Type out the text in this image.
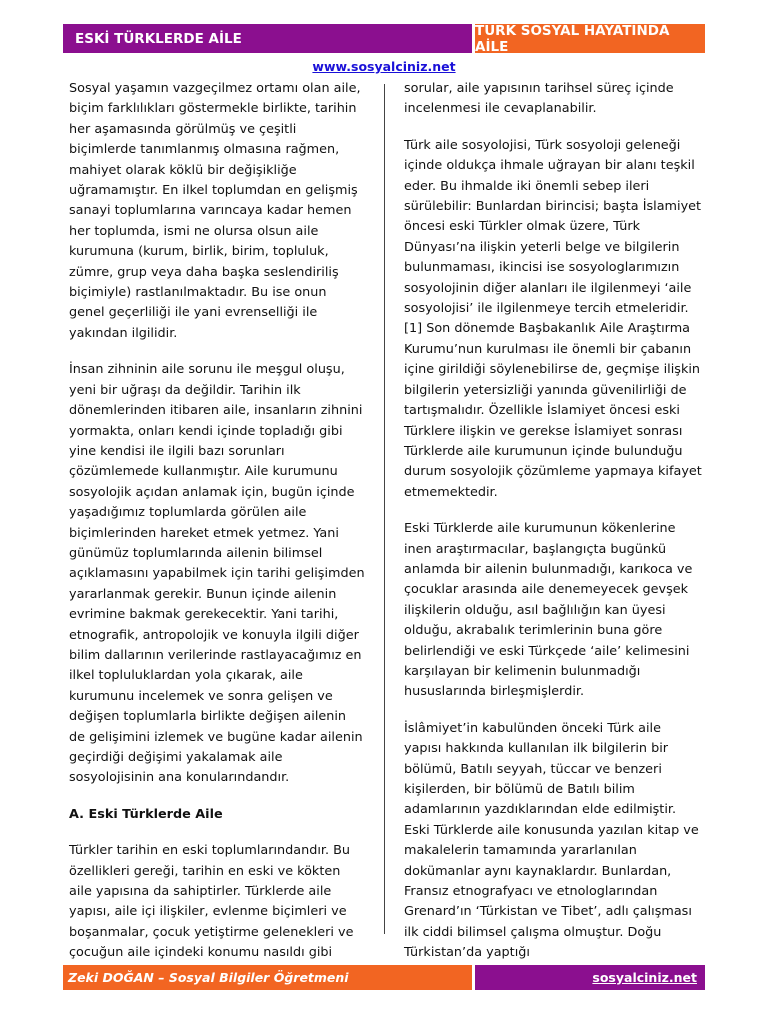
ESKİ TÜRKLERDE AİLE	TÜRK SOSYAL HAYATINDA AİLE
www.sosyalciniz.net

Sosyal yaşamın vazgeçilmez ortamı olan aile, biçim farklılıkları göstermekle birlikte, tarihin her aşamasında görülmüş ve çeşitli biçimlerde tanımlanmış olmasına rağmen, mahiyet olarak köklü bir değişikliğe uğramamıştır. En ilkel toplumdan en gelişmiş sanayi toplumlarına varıncaya kadar hemen her toplumda, ismi ne olursa olsun aile kurumuna (kurum, birlik, birim, topluluk, zümre, grup veya daha başka seslendiriliş biçimiyle) rastlanılmaktadır. Bu ise onun genel geçerliliği ile yani evrenselliği ile yakından ilgilidir.

İnsan zihninin aile sorunu ile meşgul oluşu, yeni bir uğraşı da değildir. Tarihin ilk dönemlerinden itibaren aile, insanların zihnini yormakta, onları kendi içinde topladığı gibi yine kendisi ile ilgili bazı sorunları çözümlemede kullanmıştır. Aile kurumunu sosyolojik açıdan anlamak için, bugün içinde yaşadığımız toplumlarda görülen aile biçimlerinden hareket etmek yetmez. Yani günümüz toplumlarında ailenin bilimsel açıklamasını yapabilmek için tarihi gelişimden yararlanmak gerekir. Bunun içinde ailenin evrimine bakmak gerekecektir. Yani tarihi, etnografik, antropolojik ve konuyla ilgili diğer bilim dallarının verilerinde rastlayacağımız en ilkel topluluklardan yola çıkarak, aile kurumunu incelemek ve sonra gelişen ve değişen toplumlarla birlikte değişen ailenin de gelişimini izlemek ve bugüne kadar ailenin geçirdiği değişimi yakalamak aile sosyolojisinin ana konularındandır.

A. Eski Türklerde Aile

Türkler tarihin en eski toplumlarındandır. Bu özellikleri gereği, tarihin en eski ve kökten aile yapısına da sahiptirler. Türklerde aile yapısı, aile içi ilişkiler, evlenme biçimleri ve boşanmalar, çocuk yetiştirme gelenekleri ve çocuğun aile içindeki konumu nasıldı gibi

sorular, aile yapısının tarihsel süreç içinde incelenmesi ile cevaplanabilir.

Türk aile sosyolojisi, Türk sosyoloji geleneği içinde oldukça ihmale uğrayan bir alanı teşkil eder. Bu ihmalde iki önemli sebep ileri sürülebilir: Bunlardan birincisi; başta İslamiyet öncesi eski Türkler olmak üzere, Türk Dünyası’na ilişkin yeterli belge ve bilgilerin bulunmaması, ikincisi ise sosyologlarımızın sosyolojinin diğer alanları ile ilgilenmeyi ‘aile sosyolojisi’ ile ilgilenmeye tercih etmeleridir.[1] Son dönemde Başbakanlık Aile Araştırma Kurumu’nun kurulması ile önemli bir çabanın içine girildiği söylenebilirse de, geçmişe ilişkin bilgilerin yetersizliği yanında güvenilirliği de tartışmalıdır. Özellikle İslamiyet öncesi eski Türklere ilişkin ve gerekse İslamiyet sonrası Türklerde aile kurumunun içinde bulunduğu durum sosyolojik çözümleme yapmaya kifayet etmemektedir.

Eski Türklerde aile kurumunun kökenlerine inen araştırmacılar, başlangıçta bugünkü anlamda bir ailenin bulunmadığı, karıkoca ve çocuklar arasında aile denemeyecek gevşek ilişkilerin olduğu, asıl bağlılığın kan üyesi olduğu, akrabalık terimlerinin buna göre belirlendiği ve eski Türkçede ‘aile’ kelimesini karşılayan bir kelimenin bulunmadığı hususlarında birleşmişlerdir.

İslâmiyet’in kabulünden önceki Türk aile yapısı hakkında kullanılan ilk bilgilerin bir bölümü, Batılı seyyah, tüccar ve benzeri kişilerden, bir bölümü de Batılı bilim adamlarının yazdıklarından elde edilmiştir. Eski Türklerde aile konusunda yazılan kitap ve makalelerin tamamında yararlanılan dokümanlar aynı kaynaklardır. Bunlardan, Fransız etnografyacı ve etnologlarından Grenard’ın ‘Türkistan ve Tibet’, adlı çalışması ilk ciddi bilimsel çalışma olmuştur. Doğu Türkistan’da yaptığı

Zeki DOĞAN – Sosyal Bilgiler Öğretmeni	sosyalciniz.net
